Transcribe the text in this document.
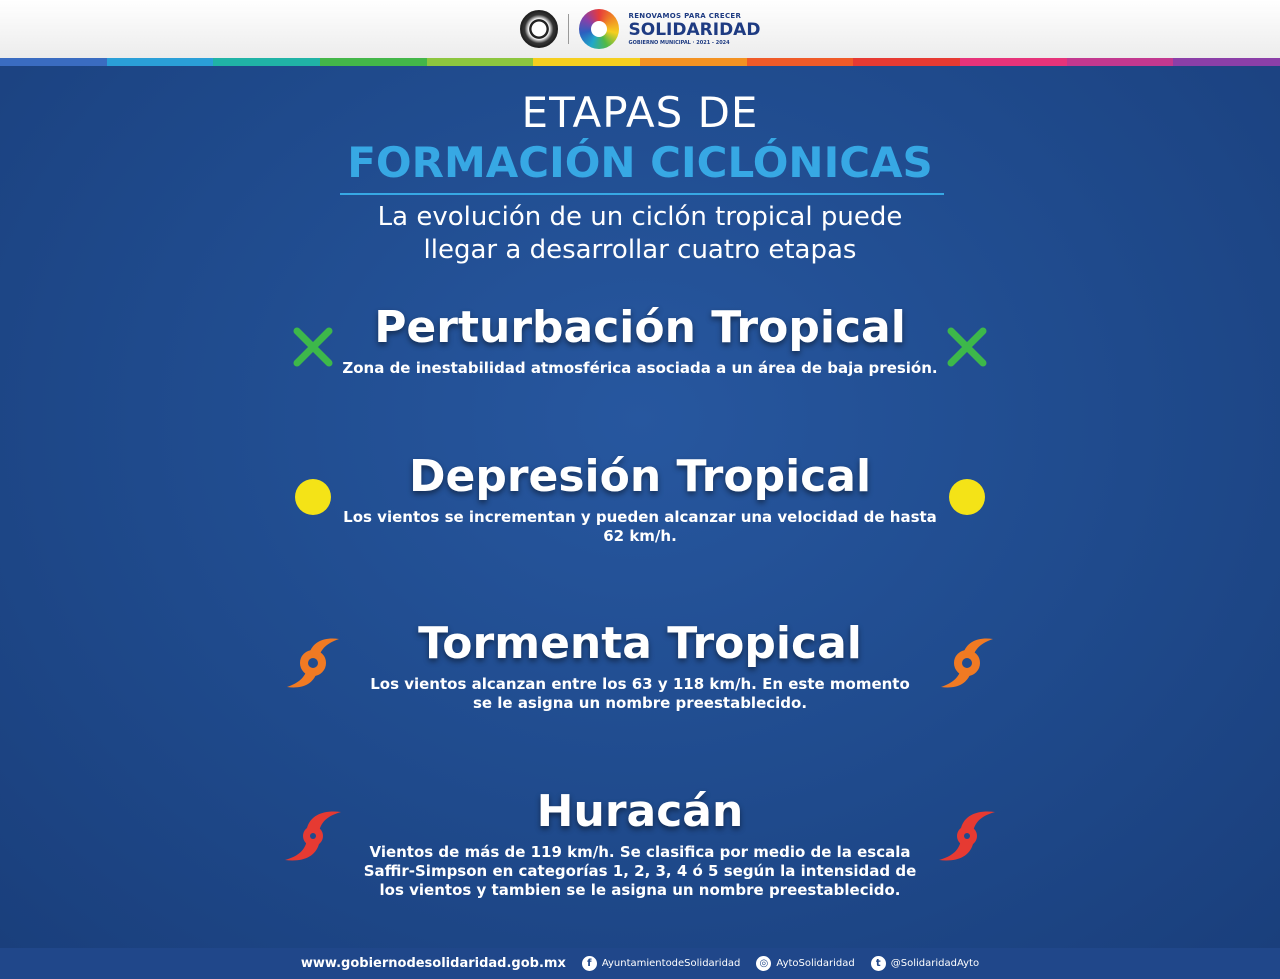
RENOVAMOS PARA CRECER
SOLIDARIDAD
GOBIERNO MUNICIPAL · 2021 - 2024
ETAPAS DE
FORMACIÓN CICLÓNICAS
La evolución de un ciclón tropical puede
llegar a desarrollar cuatro etapas
Perturbación Tropical
Zona de inestabilidad atmosférica asociada a un área de baja presión.
Depresión Tropical
Los vientos se incrementan y pueden alcanzar una velocidad de hasta 62 km/h.
Tormenta Tropical
Los vientos alcanzan entre los 63 y 118 km/h. En este momento se le asigna un nombre preestablecido.
Huracán
Vientos de más de 119 km/h. Se clasifica por medio de la escala Saffir-Simpson en categorías 1, 2, 3, 4 ó 5 según la intensidad de los vientos y tambien se le asigna un nombre preestablecido.
www.gobiernodesolidaridad.gob.mx	f	AyuntamientodeSolidaridad	◎ AytoSolidaridad	t	@SolidaridadAyto
